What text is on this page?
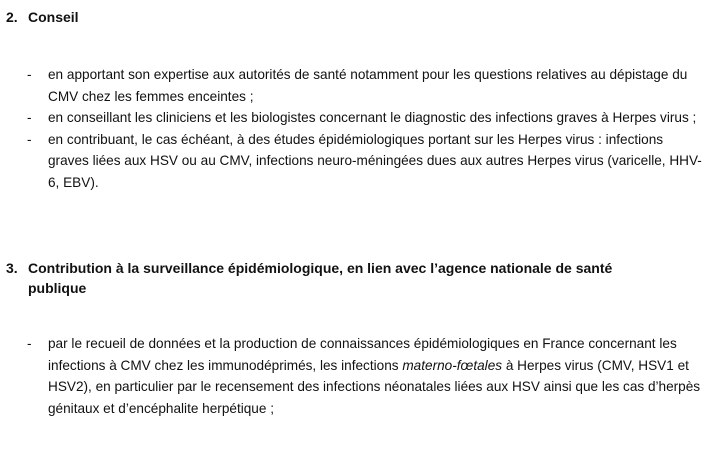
2. Conseil
- en apportant son expertise aux autorités de santé notamment pour les questions relatives au dépistage du CMV chez les femmes enceintes ;
- en conseillant les cliniciens et les biologistes concernant le diagnostic des infections graves à Herpes virus ;
- en contribuant, le cas échéant, à des études épidémiologiques portant sur les Herpes virus : infections graves liées aux HSV ou au CMV, infections neuro-méningées dues aux autres Herpes virus (varicelle, HHV-6, EBV).
3. Contribution à la surveillance épidémiologique, en lien avec l’agence nationale de santé publique
- par le recueil de données et la production de connaissances épidémiologiques en France concernant les infections à CMV chez les immunodéprimés, les infections materno-fœtales à Herpes virus (CMV, HSV1 et HSV2), en particulier par le recensement des infections néonatales liées aux HSV ainsi que les cas d’herpès génitaux et d’encéphalite herpétique ;
